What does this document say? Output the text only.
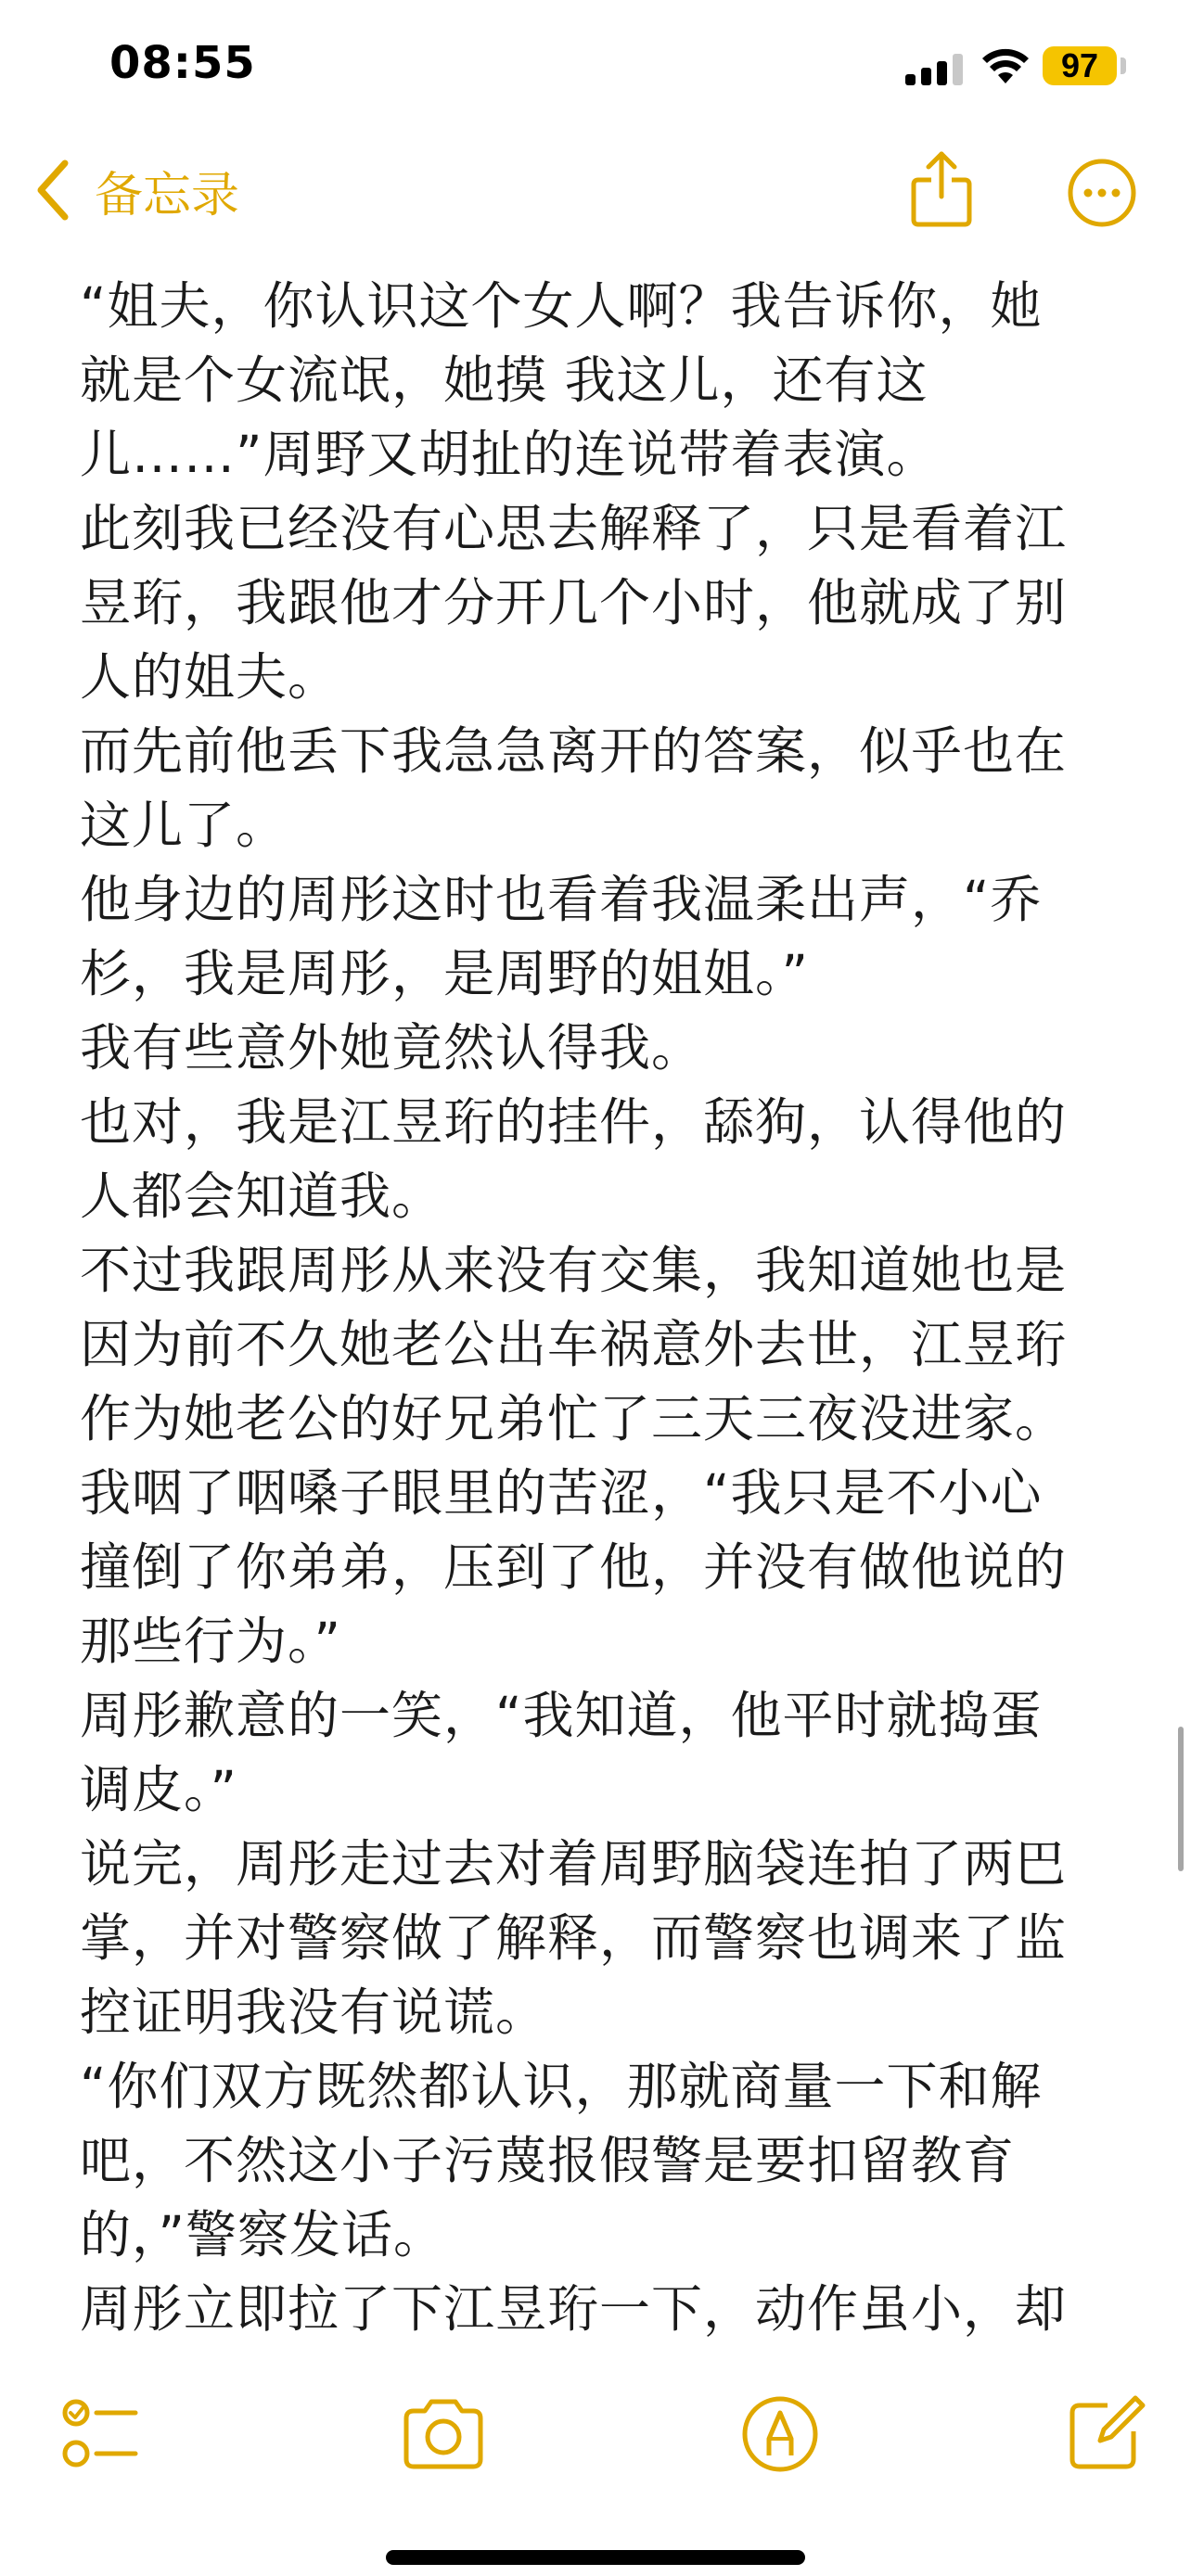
08:55	97
备忘录
“姐夫，你认识这个女人啊？我告诉你，她
就是个女流氓，她摸 我这儿，还有这
儿……”周野又胡扯的连说带着表演。
此刻我已经没有心思去解释了，只是看着江
昱珩，我跟他才分开几个小时，他就成了别
人的姐夫。
而先前他丢下我急急离开的答案，似乎也在
这儿了。
他身边的周彤这时也看着我温柔出声，“乔
杉，我是周彤，是周野的姐姐。”
我有些意外她竟然认得我。
也对，我是江昱珩的挂件，舔狗，认得他的
人都会知道我。
不过我跟周彤从来没有交集，我知道她也是
因为前不久她老公出车祸意外去世，江昱珩
作为她老公的好兄弟忙了三天三夜没进家。
我咽了咽嗓子眼里的苦涩，“我只是不小心
撞倒了你弟弟，压到了他，并没有做他说的
那些行为。”
周彤歉意的一笑，“我知道，他平时就捣蛋
调皮。”
说完，周彤走过去对着周野脑袋连拍了两巴
掌，并对警察做了解释，而警察也调来了监
控证明我没有说谎。
“你们双方既然都认识，那就商量一下和解
吧，不然这小子污蔑报假警是要扣留教育
的，”警察发话。
周彤立即拉了下江昱珩一下，动作虽小，却
